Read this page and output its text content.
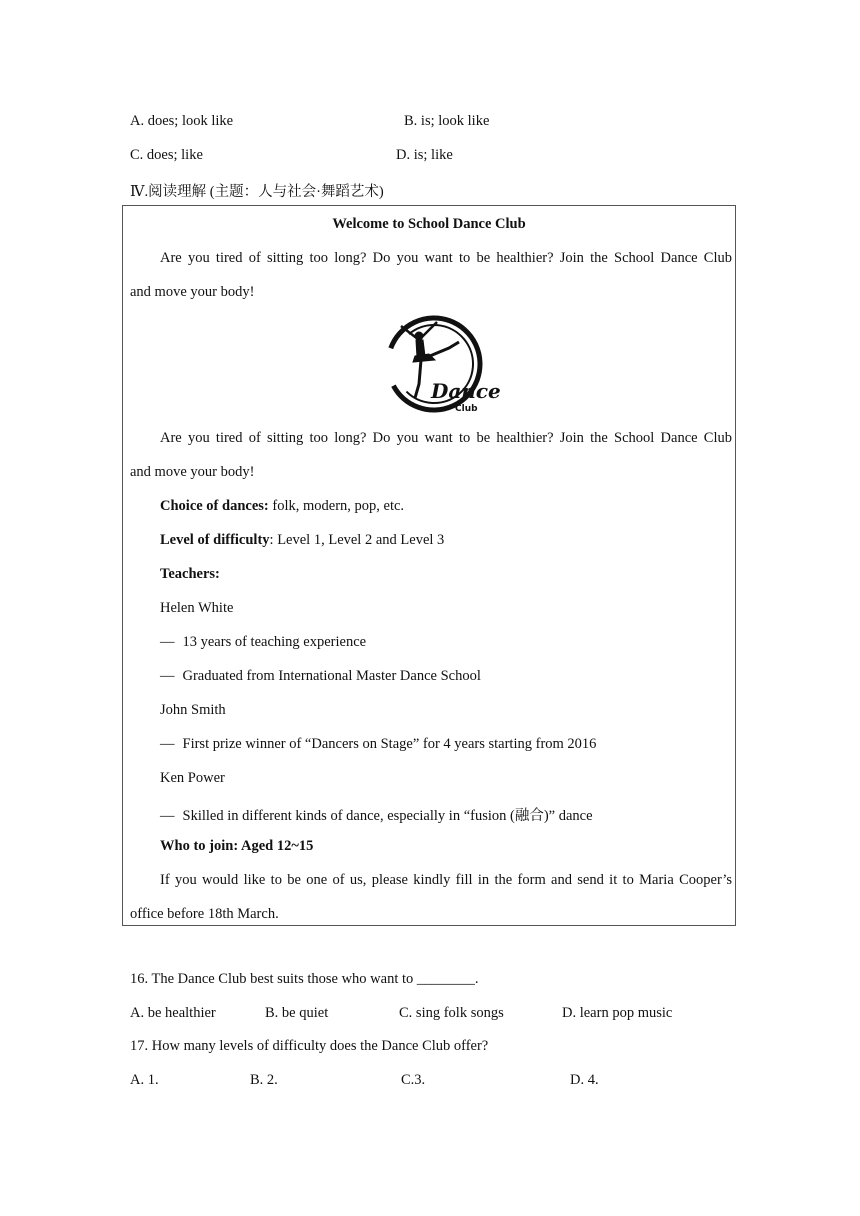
A. does; look like	B. is; look like
C. does; like	D. is; like
Ⅳ.阅读理解 (主题：人与社会·舞蹈艺术)
Welcome to School Dance Club
Are you tired of sitting too long? Do you want to be healthier? Join the School Dance Club
and move your body!
Dance
Club
Are you tired of sitting too long? Do you want to be healthier? Join the School Dance Club
and move your body!
Choice of dances: folk, modern, pop, etc.
Level of difficulty: Level 1, Level 2 and Level 3
Teachers:
Helen White
— 13 years of teaching experience
— Graduated from International Master Dance School
John Smith
— First prize winner of “Dancers on Stage” for 4 years starting from 2016
Ken Power
— Skilled in different kinds of dance, especially in “fusion (融合)” dance
Who to join: Aged 12~15
If you would like to be one of us, please kindly fill in the form and send it to Maria Cooper’s
office before 18th March.
16. The Dance Club best suits those who want to ________.
A. be healthier	B. be quiet	C. sing folk songs	D. learn pop music
17. How many levels of difficulty does the Dance Club offer?
A. 1.	B. 2.	C.3.	D. 4.
